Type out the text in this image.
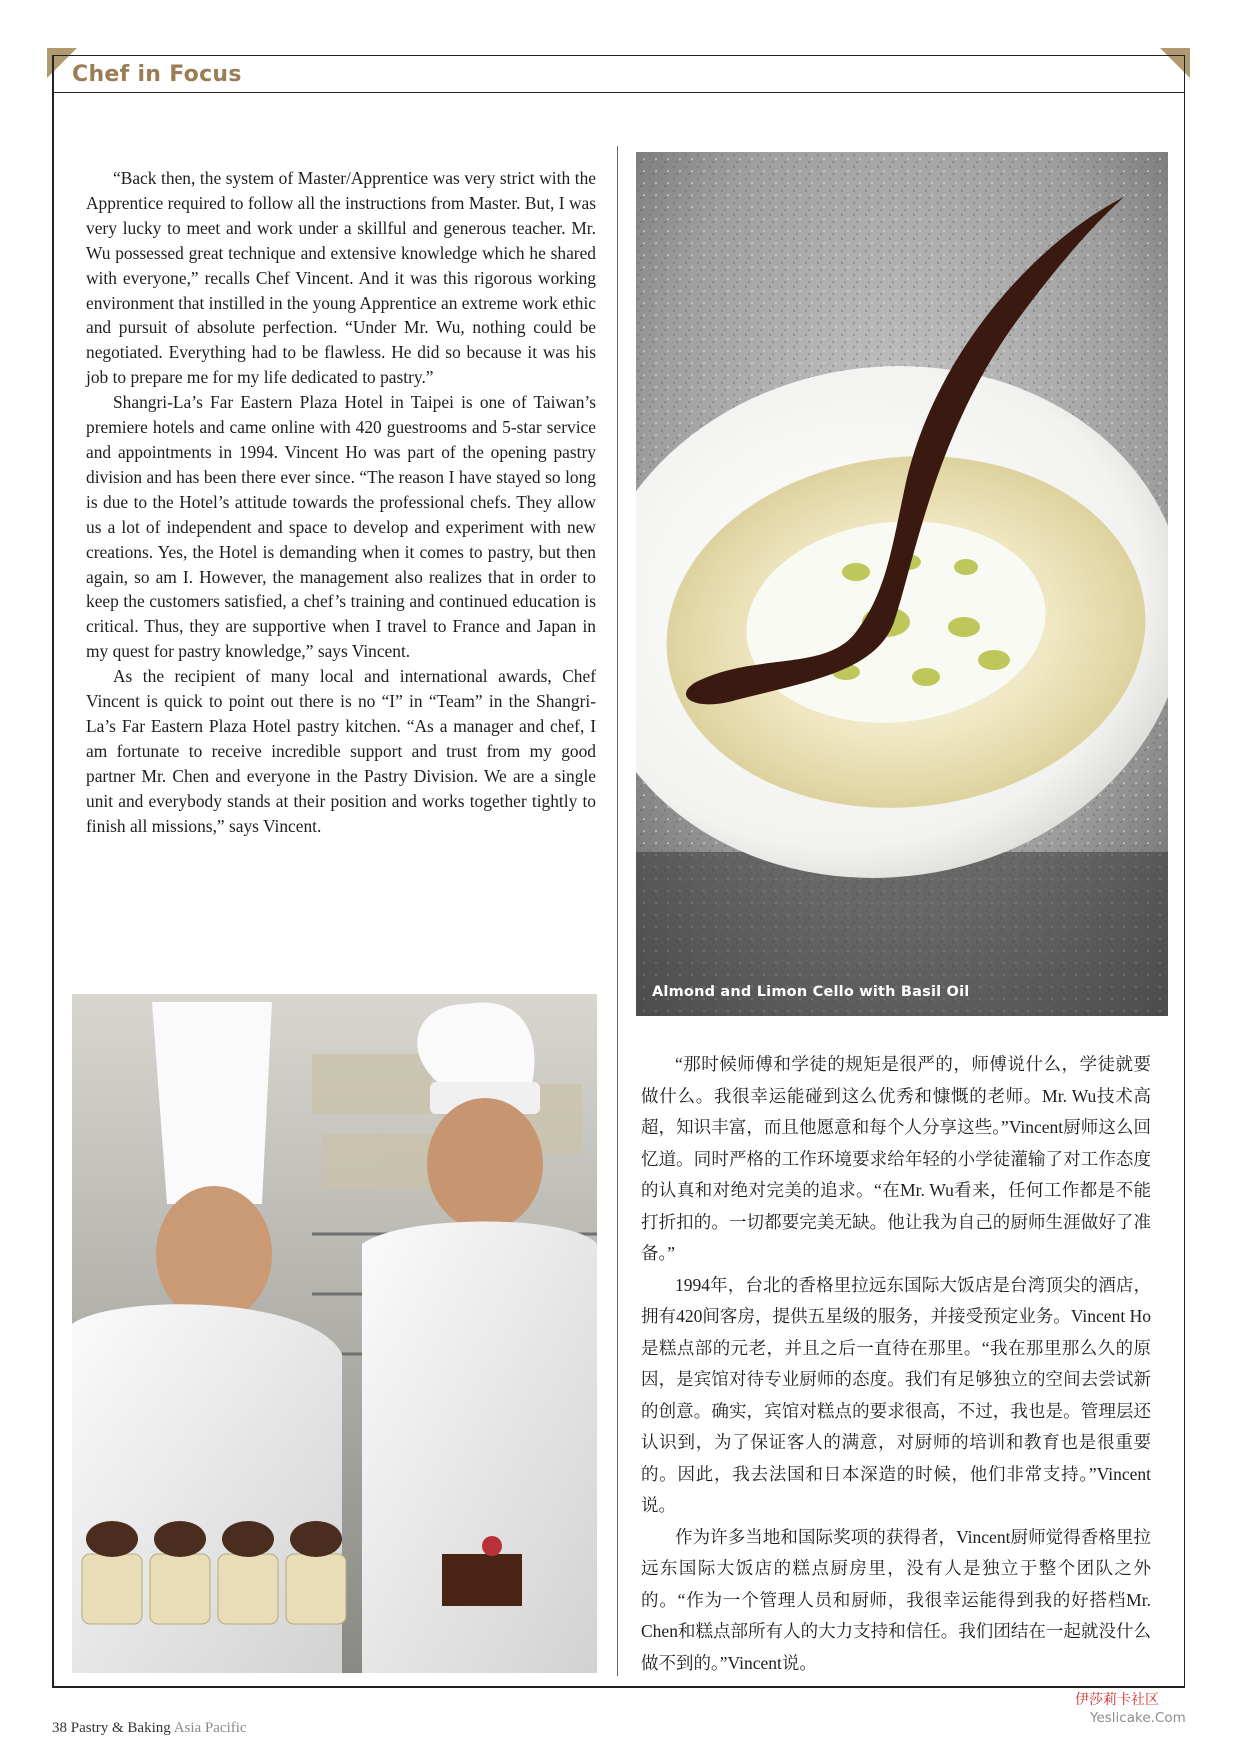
Chef in Focus

“Back then, the system of Master/Apprentice was very strict with the Apprentice required to follow all the instructions from Master. But, I was very lucky to meet and work under a skillful and generous teacher. Mr. Wu possessed great technique and extensive knowledge which he shared with everyone,” recalls Chef Vincent. And it was this rigorous working environment that instilled in the young Apprentice an extreme work ethic and pursuit of absolute perfection. “Under Mr. Wu, nothing could be negotiated. Everything had to be flawless. He did so because it was his job to prepare me for my life dedicated to pastry.”

Shangri-La’s Far Eastern Plaza Hotel in Taipei is one of Taiwan’s premiere hotels and came online with 420 guestrooms and 5-star service and appointments in 1994. Vincent Ho was part of the opening pastry division and has been there ever since. “The reason I have stayed so long is due to the Hotel’s attitude towards the professional chefs. They allow us a lot of independent and space to develop and experiment with new creations. Yes, the Hotel is demanding when it comes to pastry, but then again, so am I. However, the management also realizes that in order to keep the customers satisfied, a chef’s training and continued education is critical. Thus, they are supportive when I travel to France and Japan in my quest for pastry knowledge,” says Vincent.

As the recipient of many local and international awards, Chef Vincent is quick to point out there is no “I” in “Team” in the Shangri-La’s Far Eastern Plaza Hotel pastry kitchen. “As a manager and chef, I am fortunate to receive incredible support and trust from my good partner Mr. Chen and everyone in the Pastry Division. We are a single unit and everybody stands at their position and works together tightly to finish all missions,” says Vincent.

Almond and Limon Cello with Basil Oil

“那时候师傅和学徒的规矩是很严的，师傅说什么，学徒就要做什么。我很幸运能碰到这么优秀和慷慨的老师。Mr. Wu技术高超，知识丰富，而且他愿意和每个人分享这些。”Vincent厨师这么回忆道。同时严格的工作环境要求给年轻的小学徒灌输了对工作态度的认真和对绝对完美的追求。“在Mr. Wu看来，任何工作都是不能打折扣的。一切都要完美无缺。他让我为自己的厨师生涯做好了准备。”

1994年，台北的香格里拉远东国际大饭店是台湾顶尖的酒店，拥有420间客房，提供五星级的服务，并接受预定业务。Vincent Ho是糕点部的元老，并且之后一直待在那里。“我在那里那么久的原因，是宾馆对待专业厨师的态度。我们有足够独立的空间去尝试新的创意。确实，宾馆对糕点的要求很高，不过，我也是。管理层还认识到，为了保证客人的满意，对厨师的培训和教育也是很重要的。因此，我去法国和日本深造的时候，他们非常支持。”Vincent说。

作为许多当地和国际奖项的获得者，Vincent厨师觉得香格里拉远东国际大饭店的糕点厨房里，没有人是独立于整个团队之外的。“作为一个管理人员和厨师，我很幸运能得到我的好搭档Mr. Chen和糕点部所有人的大力支持和信任。我们团结在一起就没什么做不到的。”Vincent说。

38 Pastry & Baking Asia Pacific
伊莎莉卡社区
Yeslicake.Com
